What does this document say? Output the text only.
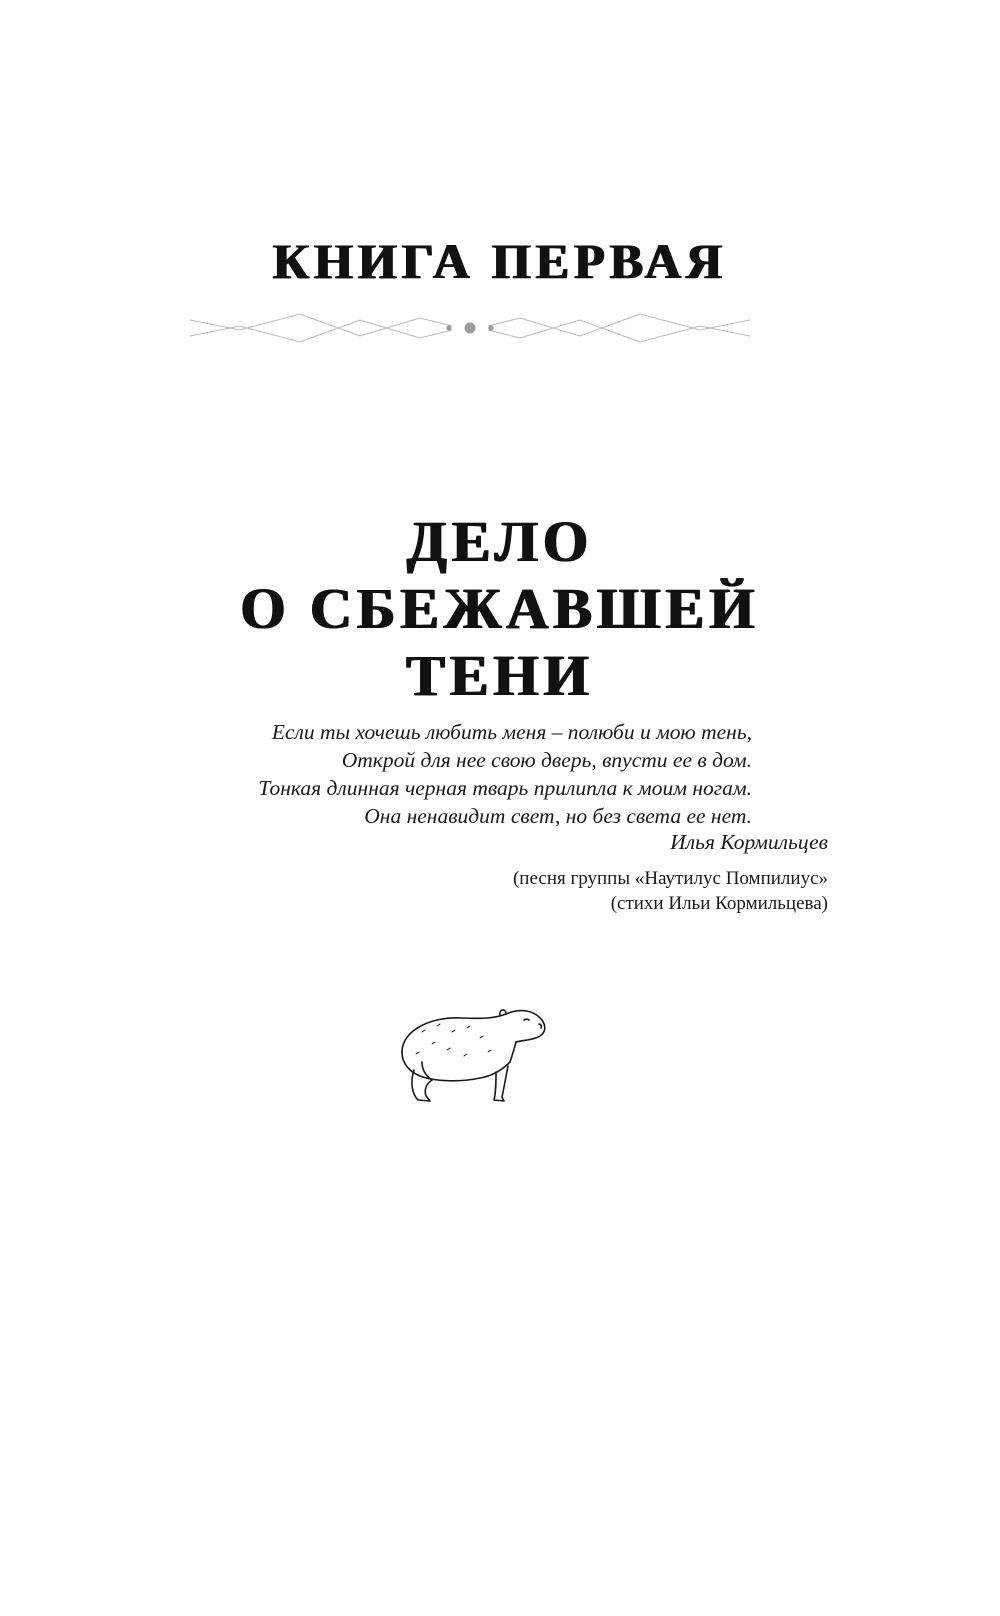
КНИГА ПЕРВАЯ
ДЕЛО
О СБЕЖАВШЕЙ
ТЕНИ
Если ты хочешь любить меня – полюби и мою тень,
Открой для нее свою дверь, впусти ее в дом.
Тонкая длинная черная тварь прилипла к моим ногам.
Она ненавидит свет, но без света ее нет.
Илья Кормильцев
(песня группы «Наутилус Помпилиус»
(стихи Ильи Кормильцева)
